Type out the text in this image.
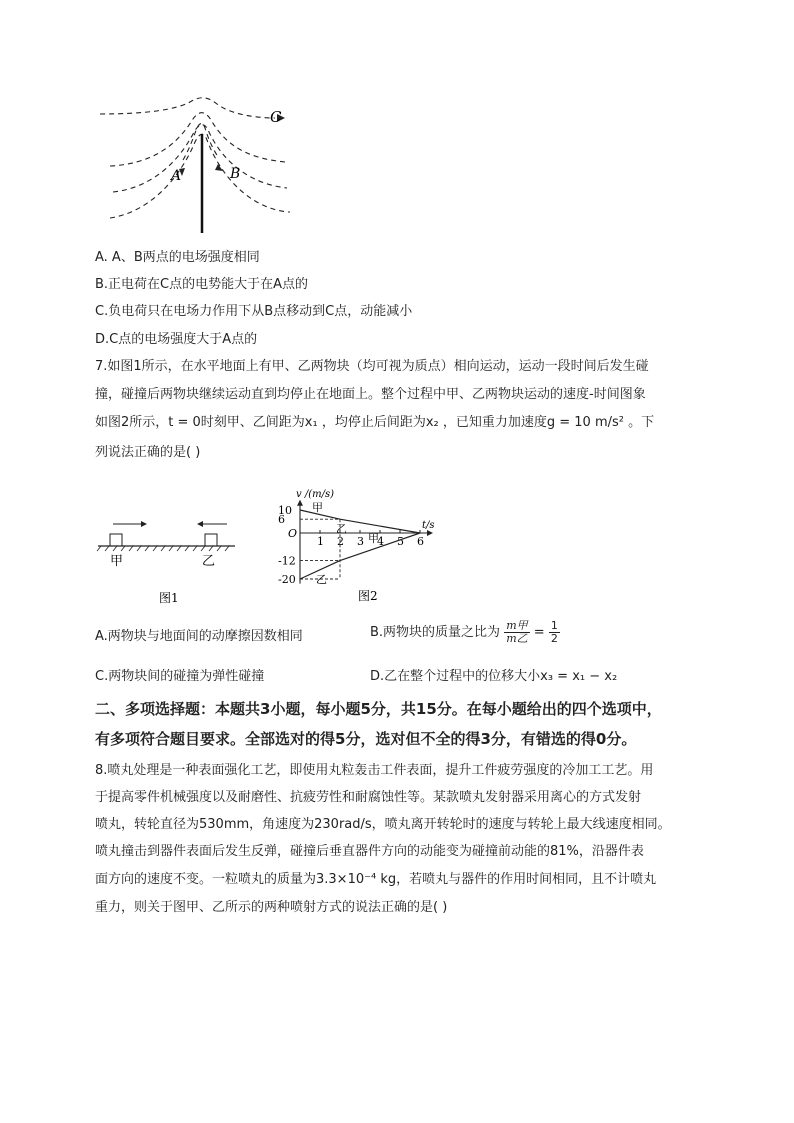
C
A	B
A. A、B两点的电场强度相同
B.正电荷在C点的电势能大于在A点的
C.负电荷只在电场力作用下从B点移动到C点，动能减小
D.C点的电场强度大于A点的
7.如图1所示，在水平地面上有甲、乙两物块（均可视为质点）相向运动，运动一段时间后发生碰
撞，碰撞后两物块继续运动直到均停止在地面上。整个过程中甲、乙两物块运动的速度-时间图象
如图2所示，t = 0时刻甲、乙间距为x₁ ，均停止后间距为x₂ ，已知重力加速度g = 10 m/s² 。下
列说法正确的是( )
甲	乙
图1
v /(m/s)
t/s
O
10
6
-12
-20
1 2 3 4 5 6
甲
乙
甲
乙
图2
A.两物块与地面间的动摩擦因数相同	B.两物块的质量之比为 $\frac{\text{m甲}}{\text{m乙}} = \frac{1}{2}$
C.两物块间的碰撞为弹性碰撞	D.乙在整个过程中的位移大小x₃ = x₁ − x₂
二、多项选择题：本题共3小题，每小题5分，共15分。在每小题给出的四个选项中，
有多项符合题目要求。全部选对的得5分，选对但不全的得3分，有错选的得0分。
8.喷丸处理是一种表面强化工艺，即使用丸粒轰击工件表面，提升工件疲劳强度的冷加工工艺。用
于提高零件机械强度以及耐磨性、抗疲劳性和耐腐蚀性等。某款喷丸发射器采用离心的方式发射
喷丸，转轮直径为530mm，角速度为230rad/s，喷丸离开转轮时的速度与转轮上最大线速度相同。
喷丸撞击到器件表面后发生反弹，碰撞后垂直器件方向的动能变为碰撞前动能的81%，沿器件表
面方向的速度不变。一粒喷丸的质量为3.3×10⁻⁴ kg，若喷丸与器件的作用时间相同，且不计喷丸
重力，则关于图甲、乙所示的两种喷射方式的说法正确的是( )
